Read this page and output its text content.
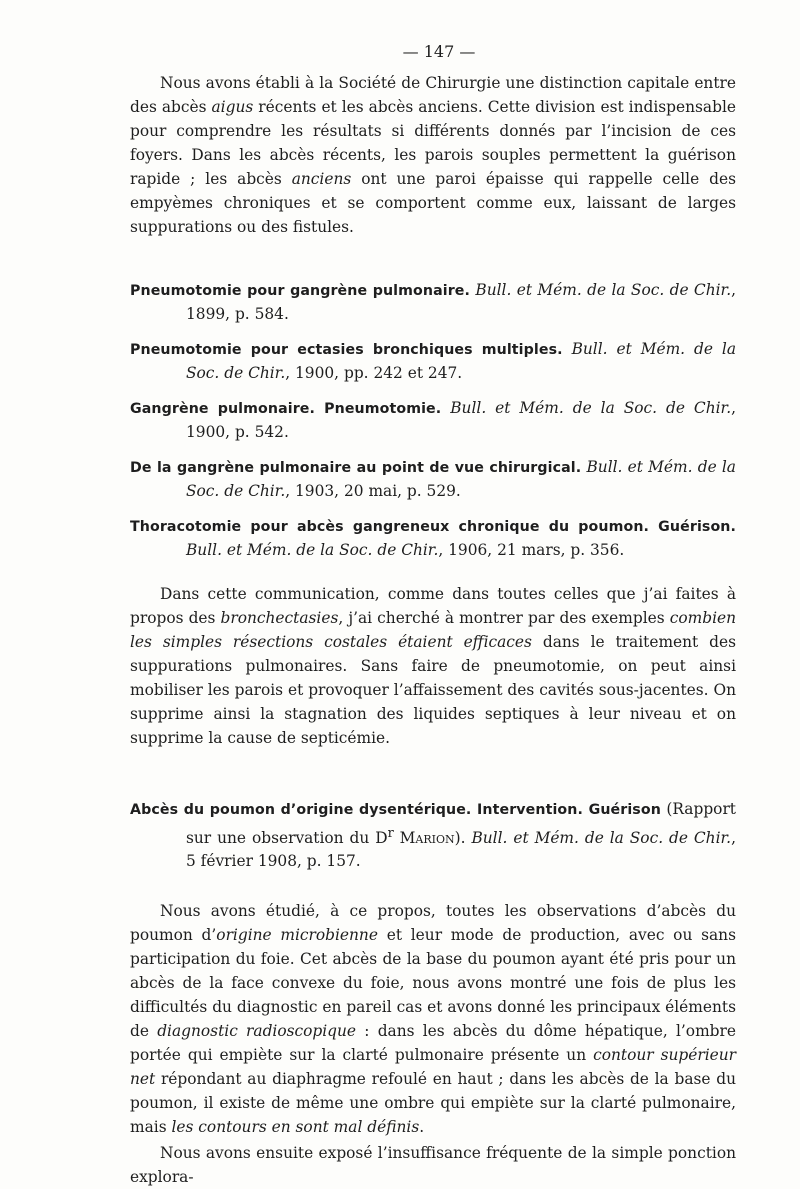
— 147 —

Nous avons établi à la Société de Chirurgie une distinction capitale entre des abcès aigus récents et les abcès anciens. Cette division est indispensable pour comprendre les résultats si différents donnés par l’incision de ces foyers. Dans les abcès récents, les parois souples permettent la guérison rapide ; les abcès anciens ont une paroi épaisse qui rappelle celle des empyèmes chroniques et se comportent comme eux, laissant de larges suppurations ou des fistules.

Pneumotomie pour gangrène pulmonaire. Bull. et Mém. de la Soc. de Chir., 1899, p. 584.

Pneumotomie pour ectasies bronchiques multiples. Bull. et Mém. de la Soc. de Chir., 1900, pp. 242 et 247.

Gangrène pulmonaire. Pneumotomie. Bull. et Mém. de la Soc. de Chir., 1900, p. 542.

De la gangrène pulmonaire au point de vue chirurgical. Bull. et Mém. de la Soc. de Chir., 1903, 20 mai, p. 529.

Thoracotomie pour abcès gangreneux chronique du poumon. Guérison. Bull. et Mém. de la Soc. de Chir., 1906, 21 mars, p. 356.

Dans cette communication, comme dans toutes celles que j’ai faites à propos des bronchectasies, j’ai cherché à montrer par des exemples combien les simples résections costales étaient efficaces dans le traitement des suppurations pulmonaires. Sans faire de pneumotomie, on peut ainsi mobiliser les parois et provoquer l’affaissement des cavités sous-jacentes. On supprime ainsi la stagnation des liquides septiques à leur niveau et on supprime la cause de septicémie.

Abcès du poumon d’origine dysentérique. Intervention. Guérison (Rapport sur une observation du $D^r$ Marion). Bull. et Mém. de la Soc. de Chir., 5 février 1908, p. 157.

Nous avons étudié, à ce propos, toutes les observations d’abcès du poumon d’origine microbienne et leur mode de production, avec ou sans participation du foie. Cet abcès de la base du poumon ayant été pris pour un abcès de la face convexe du foie, nous avons montré une fois de plus les difficultés du diagnostic en pareil cas et avons donné les principaux éléments de diagnostic radioscopique : dans les abcès du dôme hépatique, l’ombre portée qui empiète sur la clarté pulmonaire présente un contour supérieur net répondant au diaphragme refoulé en haut ; dans les abcès de la base du poumon, il existe de même une ombre qui empiète sur la clarté pulmonaire, mais les contours en sont mal définis.

Nous avons ensuite exposé l’insuffisance fréquente de la simple ponction explora-
